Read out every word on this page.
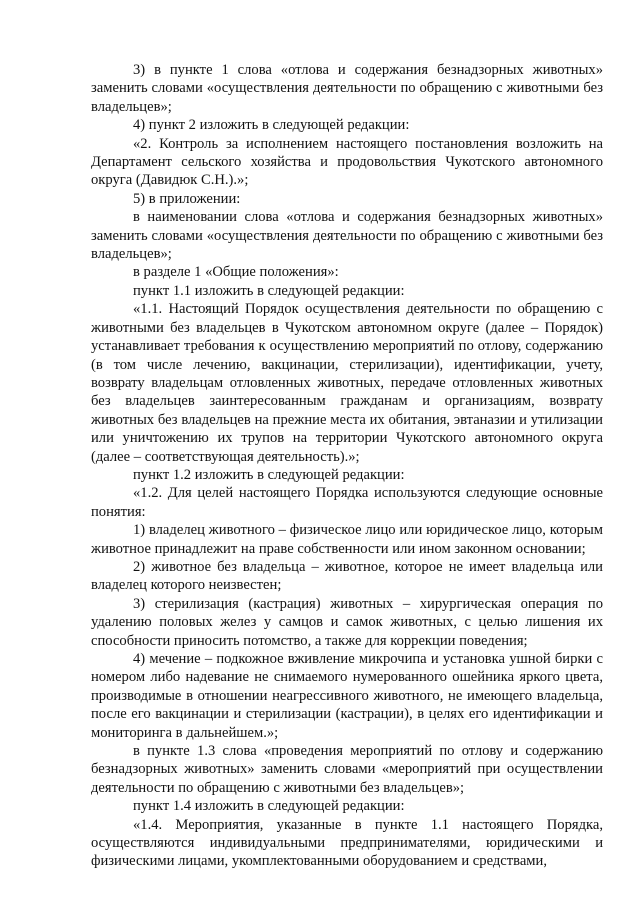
3) в пункте 1 слова «отлова и содержания безнадзорных животных» заменить словами «осуществления деятельности по обращению с животными без владельцев»;

4) пункт 2 изложить в следующей редакции:

«2. Контроль за исполнением настоящего постановления возложить на Департамент сельского хозяйства и продовольствия Чукотского автономного округа (Давидюк С.Н.).»;

5) в приложении:

в наименовании слова «отлова и содержания безнадзорных животных» заменить словами «осуществления деятельности по обращению с животными без владельцев»;

в разделе 1 «Общие положения»:

пункт 1.1 изложить в следующей редакции:

«1.1. Настоящий Порядок осуществления деятельности по обращению с животными без владельцев в Чукотском автономном округе (далее – Порядок) устанавливает требования к осуществлению мероприятий по отлову, содержанию (в том числе лечению, вакцинации, стерилизации), идентификации, учету, возврату владельцам отловленных животных, передаче отловленных животных без владельцев заинтересованным гражданам и организациям, возврату животных без владельцев на прежние места их обитания, эвтаназии и утилизации или уничтожению их трупов на территории Чукотского автономного округа (далее – соответствующая деятельность).»;

пункт 1.2 изложить в следующей редакции:

«1.2. Для целей настоящего Порядка используются следующие основные понятия:

1) владелец животного – физическое лицо или юридическое лицо, которым животное принадлежит на праве собственности или ином законном основании;

2) животное без владельца – животное, которое не имеет владельца или владелец которого неизвестен;

3) стерилизация (кастрация) животных – хирургическая операция по удалению половых желез у самцов и самок животных, с целью лишения их способности приносить потомство, а также для коррекции поведения;

4) мечение – подкожное вживление микрочипа и установка ушной бирки с номером либо надевание не снимаемого нумерованного ошейника яркого цвета, производимые в отношении неагрессивного животного, не имеющего владельца, после его вакцинации и стерилизации (кастрации), в целях его идентификации и мониторинга в дальнейшем.»;

в пункте 1.3 слова «проведения мероприятий по отлову и содержанию безнадзорных животных» заменить словами «мероприятий при осуществлении деятельности по обращению с животными без владельцев»;

пункт 1.4 изложить в следующей редакции:

«1.4. Мероприятия, указанные в пункте 1.1 настоящего Порядка, осуществляются индивидуальными предпринимателями, юридическими и физическими лицами, укомплектованными оборудованием и средствами,
